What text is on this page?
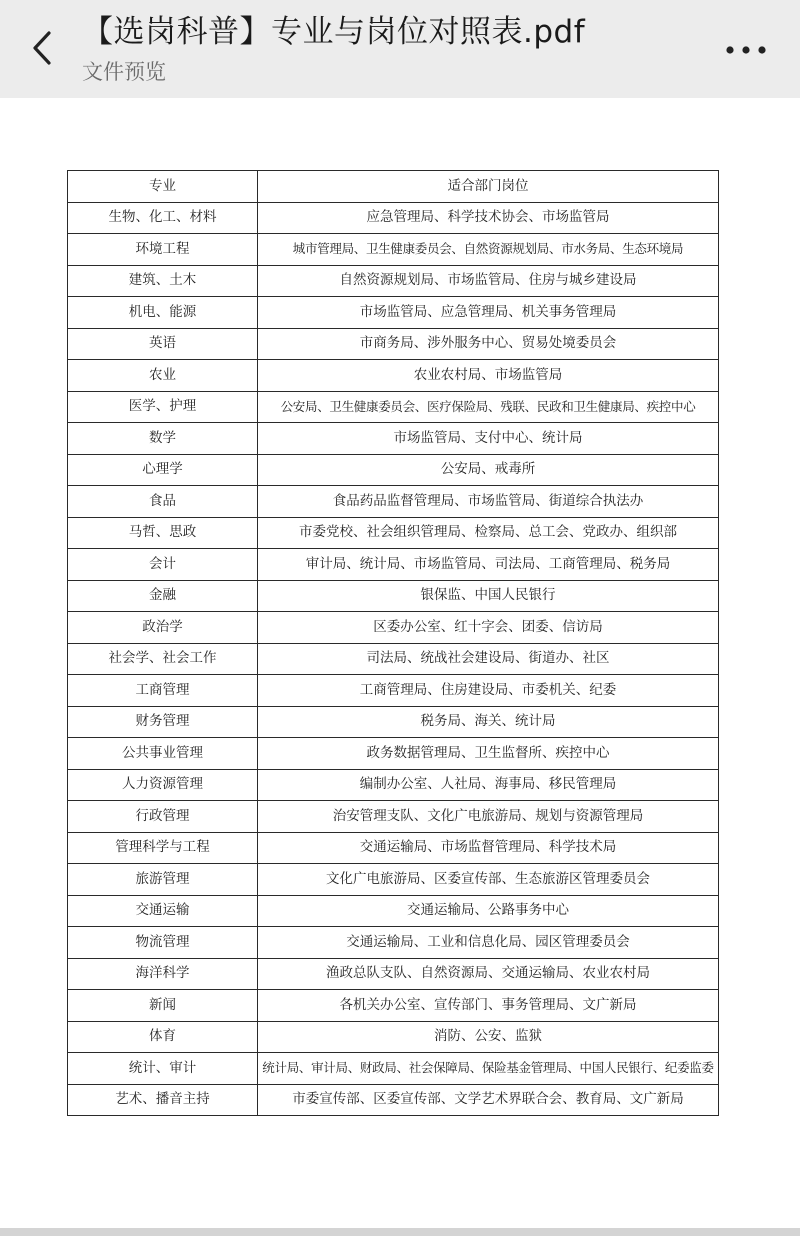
【选岗科普】专业与岗位对照表.pdf
文件预览
专业	适合部门岗位
生物、化工、材料	应急管理局、科学技术协会、市场监管局
环境工程	城市管理局、卫生健康委员会、自然资源规划局、市水务局、生态环境局
建筑、土木	自然资源规划局、市场监管局、住房与城乡建设局
机电、能源	市场监管局、应急管理局、机关事务管理局
英语	市商务局、涉外服务中心、贸易处境委员会
农业	农业农村局、市场监管局
医学、护理	公安局、卫生健康委员会、医疗保险局、残联、民政和卫生健康局、疾控中心
数学	市场监管局、支付中心、统计局
心理学	公安局、戒毒所
食品	食品药品监督管理局、市场监管局、街道综合执法办
马哲、思政	市委党校、社会组织管理局、检察局、总工会、党政办、组织部
会计	审计局、统计局、市场监管局、司法局、工商管理局、税务局
金融	银保监、中国人民银行
政治学	区委办公室、红十字会、团委、信访局
社会学、社会工作	司法局、统战社会建设局、街道办、社区
工商管理	工商管理局、住房建设局、市委机关、纪委
财务管理	税务局、海关、统计局
公共事业管理	政务数据管理局、卫生监督所、疾控中心
人力资源管理	编制办公室、人社局、海事局、移民管理局
行政管理	治安管理支队、文化广电旅游局、规划与资源管理局
管理科学与工程	交通运输局、市场监督管理局、科学技术局
旅游管理	文化广电旅游局、区委宣传部、生态旅游区管理委员会
交通运输	交通运输局、公路事务中心
物流管理	交通运输局、工业和信息化局、园区管理委员会
海洋科学	渔政总队支队、自然资源局、交通运输局、农业农村局
新闻	各机关办公室、宣传部门、事务管理局、文广新局
体育	消防、公安、监狱
统计、审计	统计局、审计局、财政局、社会保障局、保险基金管理局、中国人民银行、纪委监委
艺术、播音主持	市委宣传部、区委宣传部、文学艺术界联合会、教育局、文广新局
